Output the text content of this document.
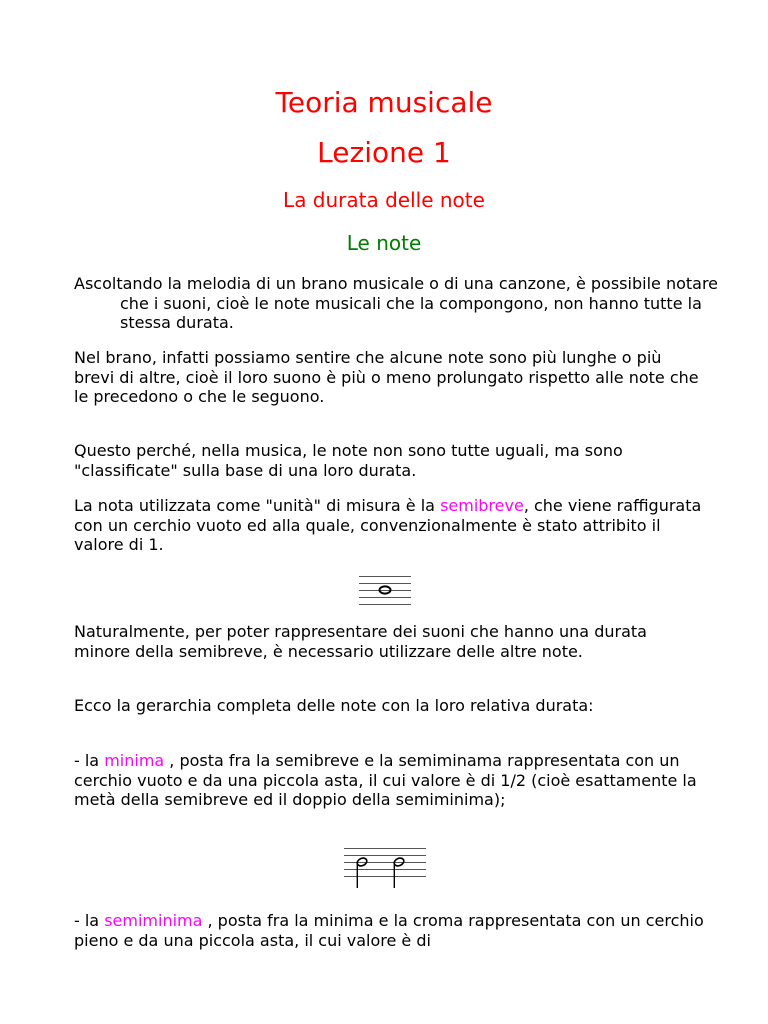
Teoria musicale
Lezione 1
La durata delle note
Le note

Ascoltando la melodia di un brano musicale o di una canzone, è possibile notare che i suoni, cioè le note musicali che la compongono, non hanno tutte la stessa durata.

Nel brano, infatti possiamo sentire che alcune note sono più lunghe o più brevi di altre, cioè il loro suono è più o meno prolungato rispetto alle note che le precedono o che le seguono.

Questo perché, nella musica, le note non sono tutte uguali, ma sono "classificate" sulla base di una loro durata.

La nota utilizzata come "unità" di misura è la semibreve, che viene raffigurata con un cerchio vuoto ed alla quale, convenzionalmente è stato attribito il valore di 1.

Naturalmente, per poter rappresentare dei suoni che hanno una durata minore della semibreve, è necessario utilizzare delle altre note.

Ecco la gerarchia completa delle note con la loro relativa durata:

- la minima , posta fra la semibreve e la semiminama rappresentata con un cerchio vuoto e da una piccola asta, il cui valore è di 1/2 (cioè esattamente la metà della semibreve ed il doppio della semiminima);

- la semiminima , posta fra la minima e la croma rappresentata con un cerchio pieno e da una piccola asta, il cui valore è di
